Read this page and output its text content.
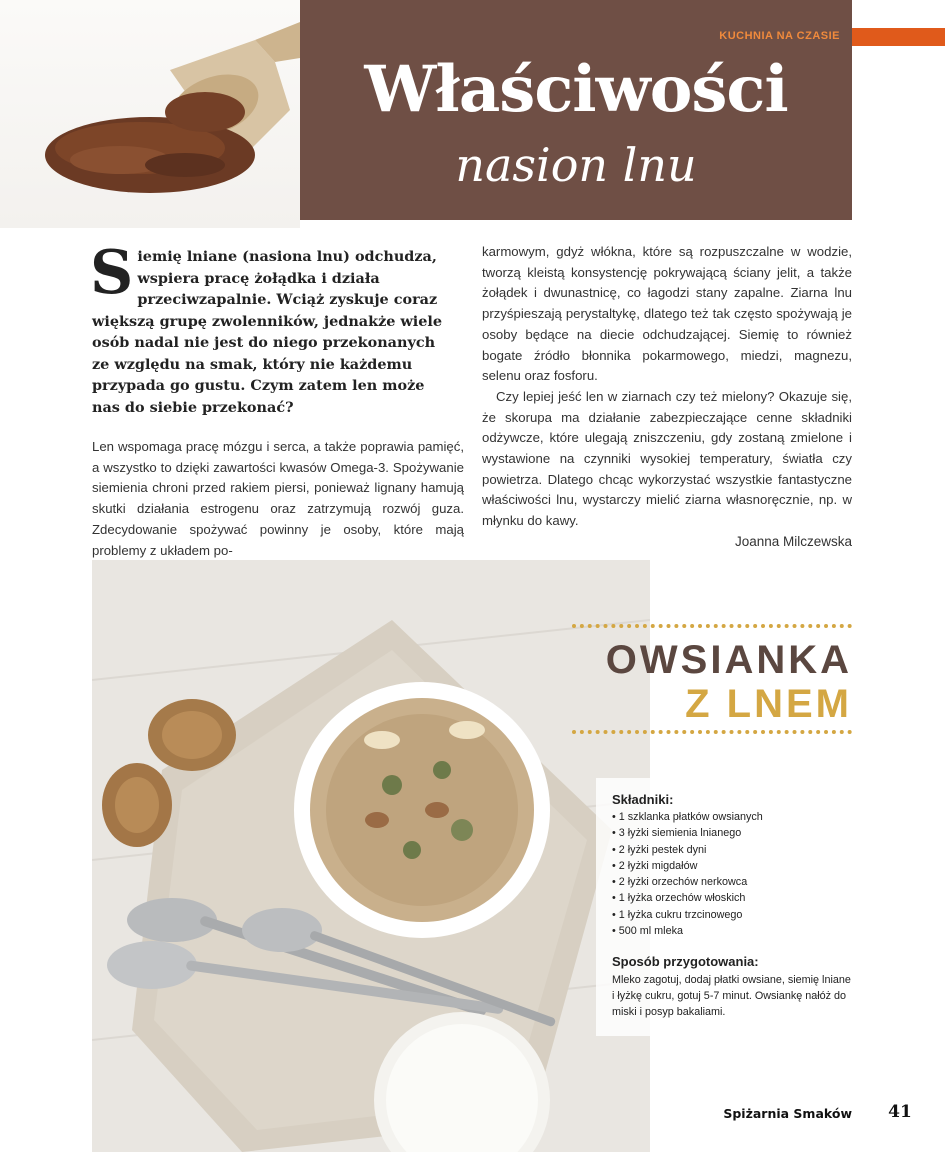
KUCHNIA NA CZASIE
Właściwości
nasion lnu
Siemię lniane (nasiona lnu) odchudza, wspiera pracę żołądka i działa przeciwzapalnie. Wciąż zyskuje coraz większą grupę zwolenników, jednakże wiele osób nadal nie jest do niego przekonanych ze względu na smak, który nie każdemu przypada go gustu. Czym zatem len może nas do siebie przekonać?
Len wspomaga pracę mózgu i serca, a także poprawia pamięć, a wszystko to dzięki zawartości kwasów Omega-3. Spożywanie siemienia chroni przed rakiem piersi, ponieważ lignany hamują skutki działania estrogenu oraz zatrzymują rozwój guza. Zdecydowanie spożywać powinny je osoby, które mają problemy z układem po-

karmowym, gdyż włókna, które są rozpuszczalne w wodzie, tworzą kleistą konsystencję pokrywającą ściany jelit, a także żołądek i dwunastnicę, co łagodzi stany zapalne. Ziarna lnu przyśpieszają perystaltykę, dlatego też tak często spożywają je osoby będące na diecie odchudzającej. Siemię to również bogate źródło błonnika pokarmowego, miedzi, magnezu, selenu oraz fosforu.

Czy lepiej jeść len w ziarnach czy też mielony? Okazuje się, że skorupa ma działanie zabezpieczające cenne składniki odżywcze, które ulegają zniszczeniu, gdy zostaną zmielone i wystawione na czynniki wysokiej temperatury, światła czy powietrza. Dlatego chcąc wykorzystać wszystkie fantastyczne właściwości lnu, wystarczy mielić ziarna własnoręcznie, np. w młynku do kawy.

Joanna Milczewska
OWSIANKA
Z LNEM
Składniki:
• 1 szklanka płatków owsianych
• 3 łyżki siemienia lnianego
• 2 łyżki pestek dyni
• 2 łyżki migdałów
• 2 łyżki orzechów nerkowca
• 1 łyżka orzechów włoskich
• 1 łyżka cukru trzcinowego
• 500 ml mleka
Sposób przygotowania:
Mleko zagotuj, dodaj płatki owsiane, siemię lniane i łyżkę cukru, gotuj 5-7 minut. Owsiankę nałóż do miski i posyp bakaliami.
Spiżarnia Smaków	41
